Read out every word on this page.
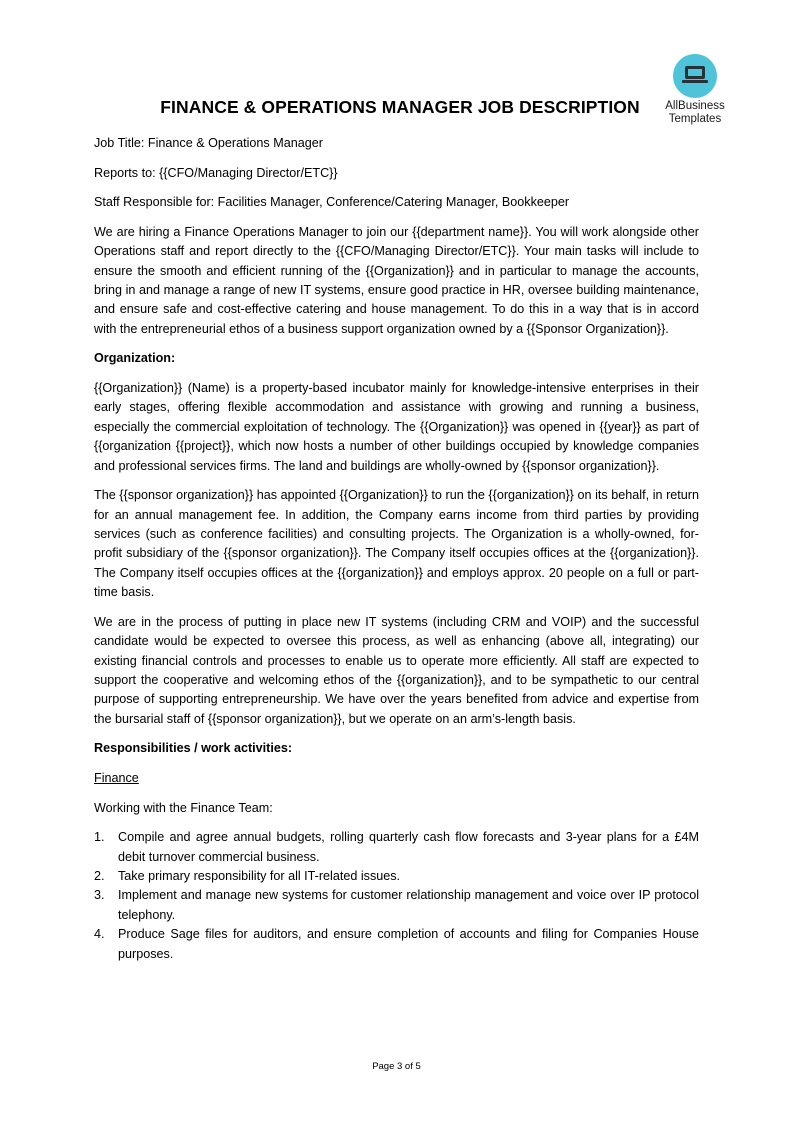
AllBusiness
Templates
FINANCE & OPERATIONS MANAGER JOB DESCRIPTION

Job Title: Finance & Operations Manager

Reports to: {{CFO/Managing Director/ETC}}

Staff Responsible for: Facilities Manager, Conference/Catering Manager, Bookkeeper

We are hiring a Finance Operations Manager to join our {{department name}}. You will work alongside other Operations staff and report directly to the {{CFO/Managing Director/ETC}}. Your main tasks will include to ensure the smooth and efficient running of the {{Organization}} and in particular to manage the accounts, bring in and manage a range of new IT systems, ensure good practice in HR, oversee building maintenance, and ensure safe and cost-effective catering and house management. To do this in a way that is in accord with the entrepreneurial ethos of a business support organization owned by a {{Sponsor Organization}}.

Organization:

{{Organization}} (Name) is a property-based incubator mainly for knowledge-intensive enterprises in their early stages, offering flexible accommodation and assistance with growing and running a business, especially the commercial exploitation of technology. The {{Organization}} was opened in {{year}} as part of {{organization {{project}}, which now hosts a number of other buildings occupied by knowledge companies and professional services firms. The land and buildings are wholly-owned by {{sponsor organization}}.

The {{sponsor organization}} has appointed {{Organization}} to run the {{organization}} on its behalf, in return for an annual management fee. In addition, the Company earns income from third parties by providing services (such as conference facilities) and consulting projects. The Organization is a wholly-owned, for-profit subsidiary of the {{sponsor organization}}. The Company itself occupies offices at the {{organization}}. The Company itself occupies offices at the {{organization}} and employs approx. 20 people on a full or part-time basis.

We are in the process of putting in place new IT systems (including CRM and VOIP) and the successful candidate would be expected to oversee this process, as well as enhancing (above all, integrating) our existing financial controls and processes to enable us to operate more efficiently. All staff are expected to support the cooperative and welcoming ethos of the {{organization}}, and to be sympathetic to our central purpose of supporting entrepreneurship. We have over the years benefited from advice and expertise from the bursarial staff of {{sponsor organization}}, but we operate on an arm’s-length basis.

Responsibilities / work activities:

Finance

Working with the Finance Team:

1. Compile and agree annual budgets, rolling quarterly cash flow forecasts and 3-year plans for a £4M debit turnover commercial business.
2. Take primary responsibility for all IT-related issues.
3. Implement and manage new systems for customer relationship management and voice over IP protocol telephony.
4. Produce Sage files for auditors, and ensure completion of accounts and filing for Companies House purposes.
Page 3 of 5
